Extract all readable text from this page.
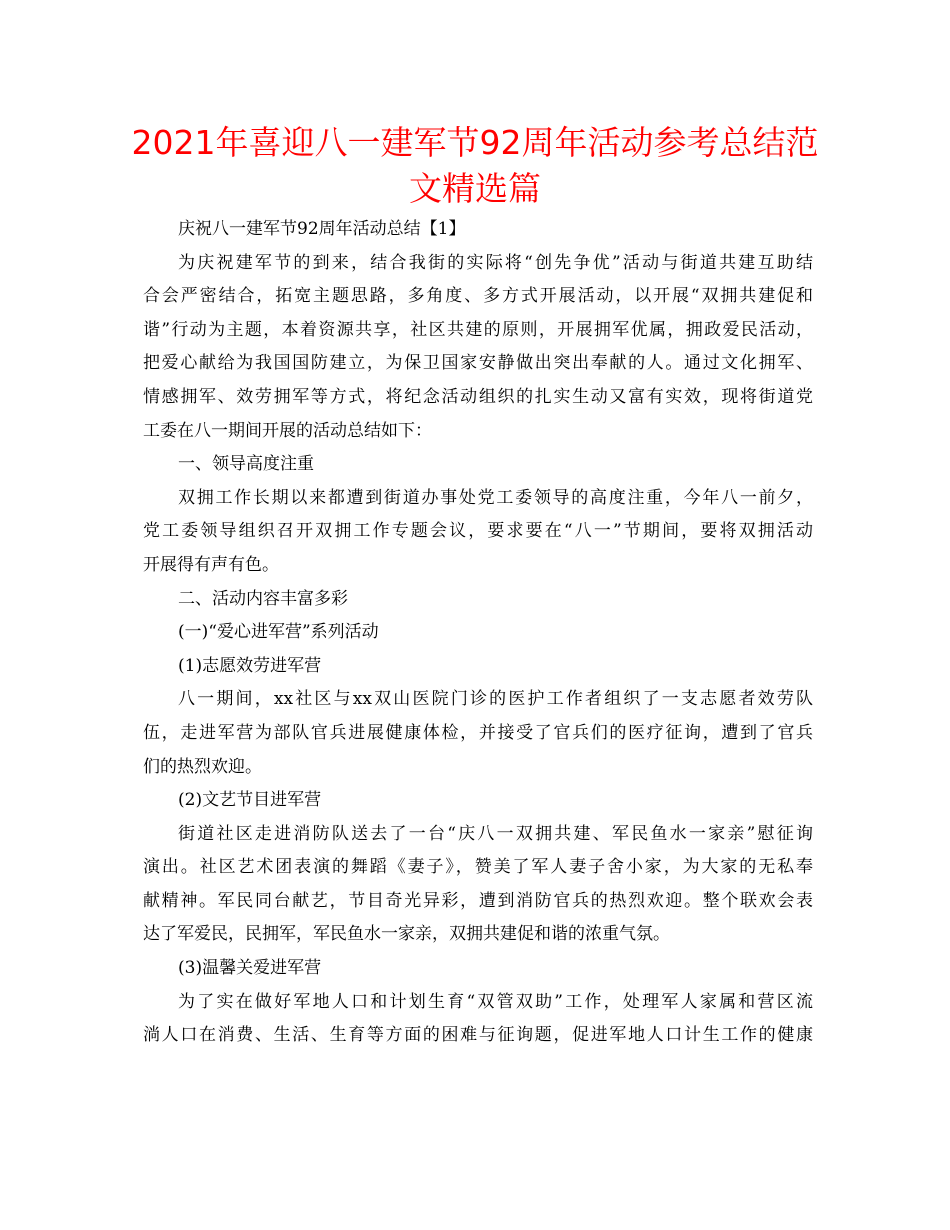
2021年喜迎八一建军节92周年活动参考总结范
文精选篇
庆祝八一建军节92周年活动总结【1】
为庆祝建军节的到来，结合我街的实际将“创先争优”活动与街道共建互助结
合会严密结合，拓宽主题思路，多角度、多方式开展活动，以开展“双拥共建促和
谐”行动为主题，本着资源共享，社区共建的原则，开展拥军优属，拥政爱民活动，
把爱心献给为我国国防建立，为保卫国家安静做出突出奉献的人。通过文化拥军、
情感拥军、效劳拥军等方式，将纪念活动组织的扎实生动又富有实效，现将街道党
工委在八一期间开展的活动总结如下：
一、领导高度注重
双拥工作长期以来都遭到街道办事处党工委领导的高度注重，今年八一前夕，
党工委领导组织召开双拥工作专题会议，要求要在“八一”节期间，要将双拥活动
开展得有声有色。
二、活动内容丰富多彩
(一)“爱心进军营”系列活动
(1)志愿效劳进军营
八一期间，xx社区与xx双山医院门诊的医护工作者组织了一支志愿者效劳队
伍，走进军营为部队官兵进展健康体检，并接受了官兵们的医疗征询，遭到了官兵
们的热烈欢迎。
(2)文艺节目进军营
街道社区走进消防队送去了一台“庆八一双拥共建、军民鱼水一家亲”慰征询
演出。社区艺术团表演的舞蹈《妻子》，赞美了军人妻子舍小家，为大家的无私奉
献精神。军民同台献艺，节目奇光异彩，遭到消防官兵的热烈欢迎。整个联欢会表
达了军爱民，民拥军，军民鱼水一家亲，双拥共建促和谐的浓重气氛。
(3)温馨关爱进军营
为了实在做好军地人口和计划生育“双管双助”工作，处理军人家属和营区流
淌人口在消费、生活、生育等方面的困难与征询题，促进军地人口计生工作的健康
